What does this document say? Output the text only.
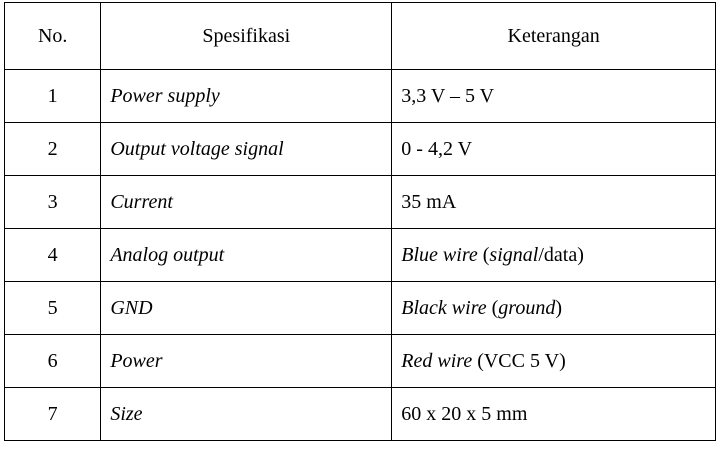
No.	Spesifikasi	Keterangan
1	Power supply	3,3 V – 5 V
2	Output voltage signal	0 - 4,2 V
3	Current	35 mA
4	Analog output	Blue wire (signal/data)
5	GND	Black wire (ground)
6	Power	Red wire (VCC 5 V)
7	Size	60 x 20 x 5 mm
